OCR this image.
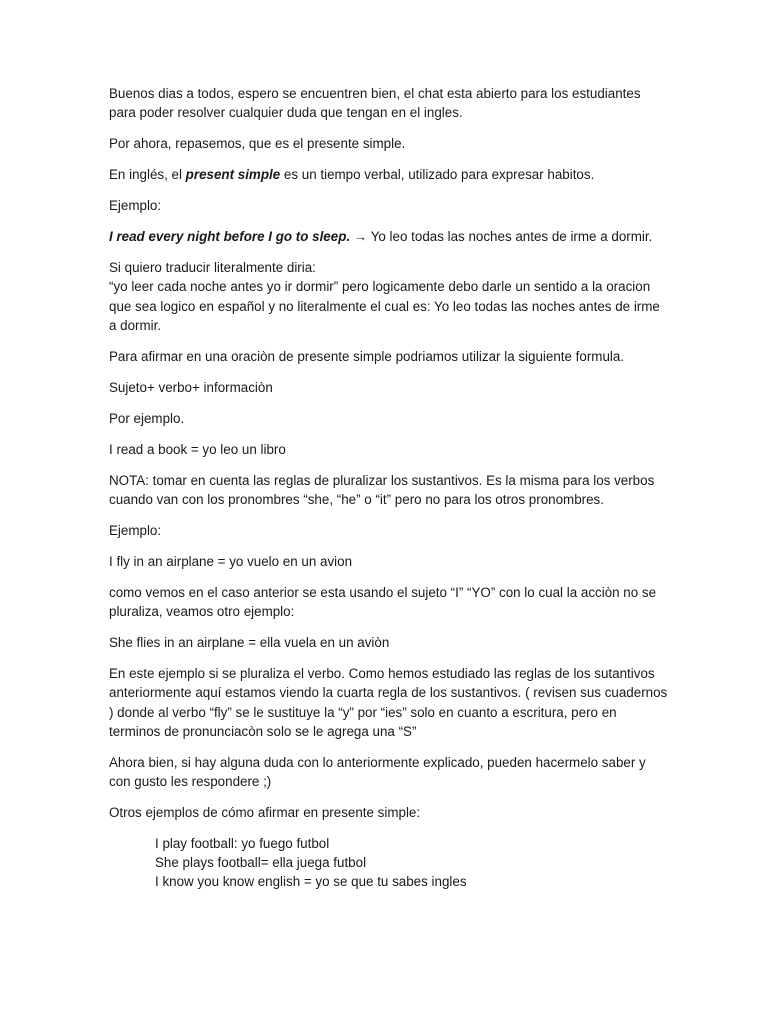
Buenos dias a todos, espero se encuentren bien, el chat esta abierto para los estudiantes para poder resolver cualquier duda que tengan en el ingles.

Por ahora, repasemos, que es el presente simple.

En inglés, el present simple es un tiempo verbal, utilizado para expresar habitos.

Ejemplo:

I read every night before I go to sleep. → Yo leo todas las noches antes de irme a dormir.

Si quiero traducir literalmente diria:
“yo leer cada noche antes yo ir dormir” pero logicamente debo darle un sentido a la oracion que sea logico en español y no literalmente el cual es: Yo leo todas las noches antes de irme a dormir.

Para afirmar en una oraciòn de presente simple podriamos utilizar la siguiente formula.

Sujeto+ verbo+ informaciòn

Por ejemplo.

I read a book = yo leo un libro

NOTA: tomar en cuenta las reglas de pluralizar los sustantivos. Es la misma para los verbos cuando van con los pronombres “she, “he” o “it” pero no para los otros pronombres.

Ejemplo:

I fly in an airplane = yo vuelo en un avion

como vemos en el caso anterior se esta usando el sujeto “I” “YO” con lo cual la acciòn no se pluraliza, veamos otro ejemplo:

She flies in an airplane = ella vuela en un aviòn

En este ejemplo si se pluraliza el verbo. Como hemos estudiado las reglas de los sutantivos anteriormente aquí estamos viendo la cuarta regla de los sustantivos. ( revisen sus cuadernos ) donde al verbo “fly” se le sustituye la “y” por “ies” solo en cuanto a escritura, pero en terminos de pronunciacòn solo se le agrega una “S”

Ahora bien, si hay alguna duda con lo anteriormente explicado, pueden hacermelo saber y con gusto les respondere ;)

Otros ejemplos de cómo afirmar en presente simple:

I play football: yo fuego futbol
She plays football= ella juega futbol
I know you know english = yo se que tu sabes ingles
